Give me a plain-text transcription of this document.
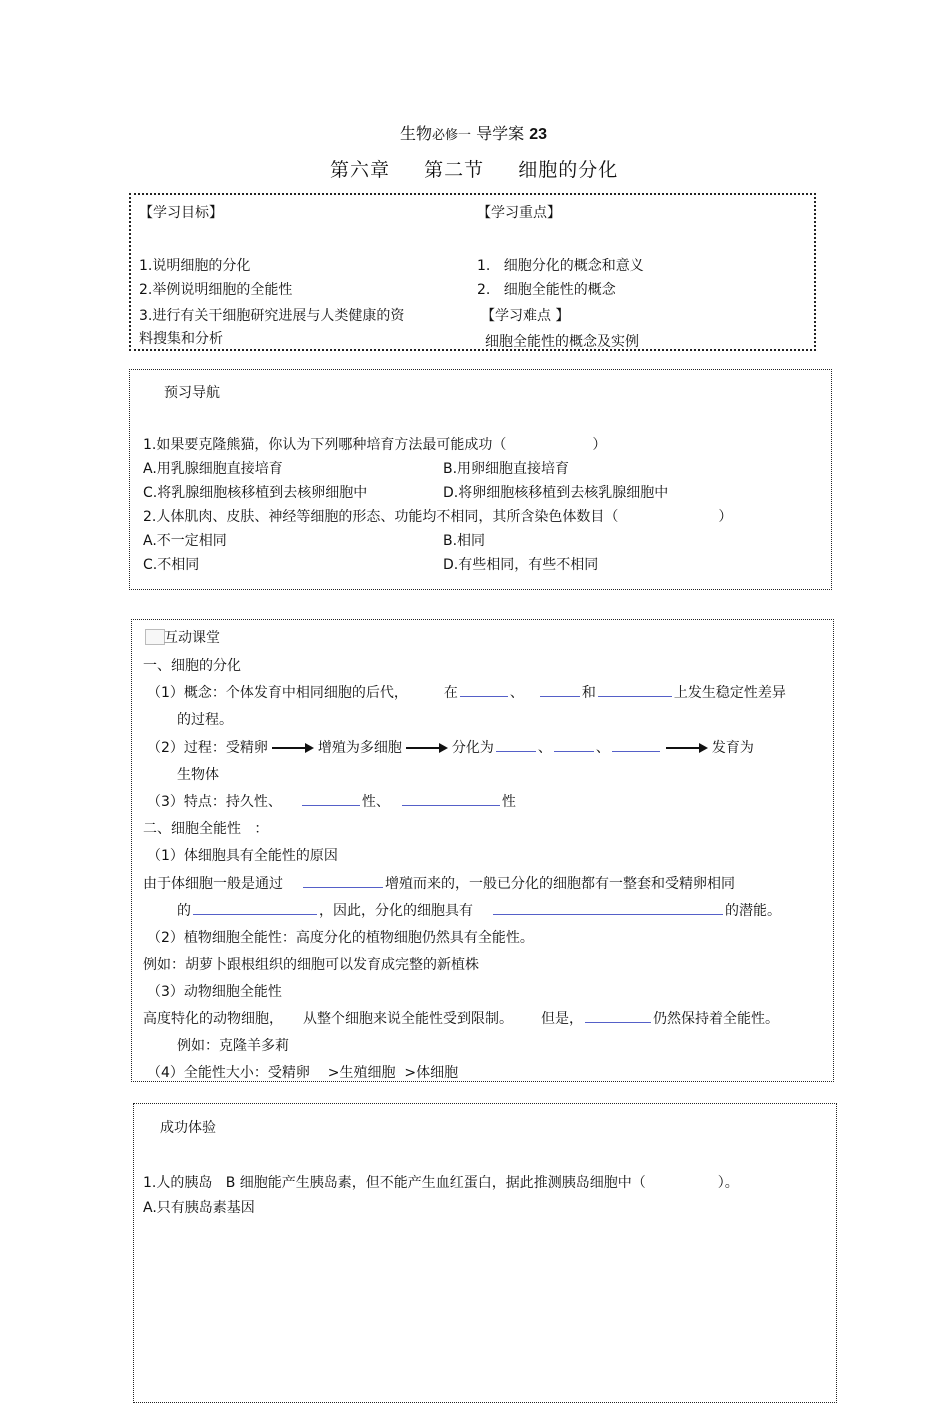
生物必修一 导学案 23
第六章 第二节 细胞的分化
【学习目标】
1.说明细胞的分化
2.举例说明细胞的全能性
3.进行有关干细胞研究进展与人类健康的资
料搜集和分析
【学习重点】
1.   细胞分化的概念和意义
2.   细胞全能性的概念
【学习难点 】
细胞全能性的概念及实例
预习导航
1.如果要克隆熊猫，你认为下列哪种培育方法最可能成功（	）
A.用乳腺细胞直接培育	B.用卵细胞直接培育
C.将乳腺细胞核移植到去核卵细胞中	D.将卵细胞核移植到去核乳腺细胞中
2.人体肌肉、皮肤、神经等细胞的形态、功能均不相同，其所含染色体数目（	）
A.不一定相同	B.相同
C.不相同	D.有些相同，有些不相同
互动课堂
一、细胞的分化
（1）概念：个体发育中相同细胞的后代，	在	、	和	上发生稳定性差异
的过程。
（2）过程：受精卵	增殖为多细胞	分化为	、	、	发育为
生物体
（3）特点：持久性、	性、	性
二、细胞全能性   ：
（1）体细胞具有全能性的原因
由于体细胞一般是通过	增殖而来的，一般已分化的细胞都有一整套和受精卵相同
的	，因此，分化的细胞具有	的潜能。
（2）植物细胞全能性：高度分化的植物细胞仍然具有全能性。
例如：胡萝卜跟根组织的细胞可以发育成完整的新植株
（3）动物细胞全能性
高度特化的动物细胞， 从整个细胞来说全能性受到限制。 但是，	仍然保持着全能性。
例如：克隆羊多莉
（4）全能性大小：受精卵    >生殖细胞  >体细胞
成功体验
1.人的胰岛   B 细胞能产生胰岛素，但不能产生血红蛋白，据此推测胰岛细胞中（	）。
A.只有胰岛素基因
